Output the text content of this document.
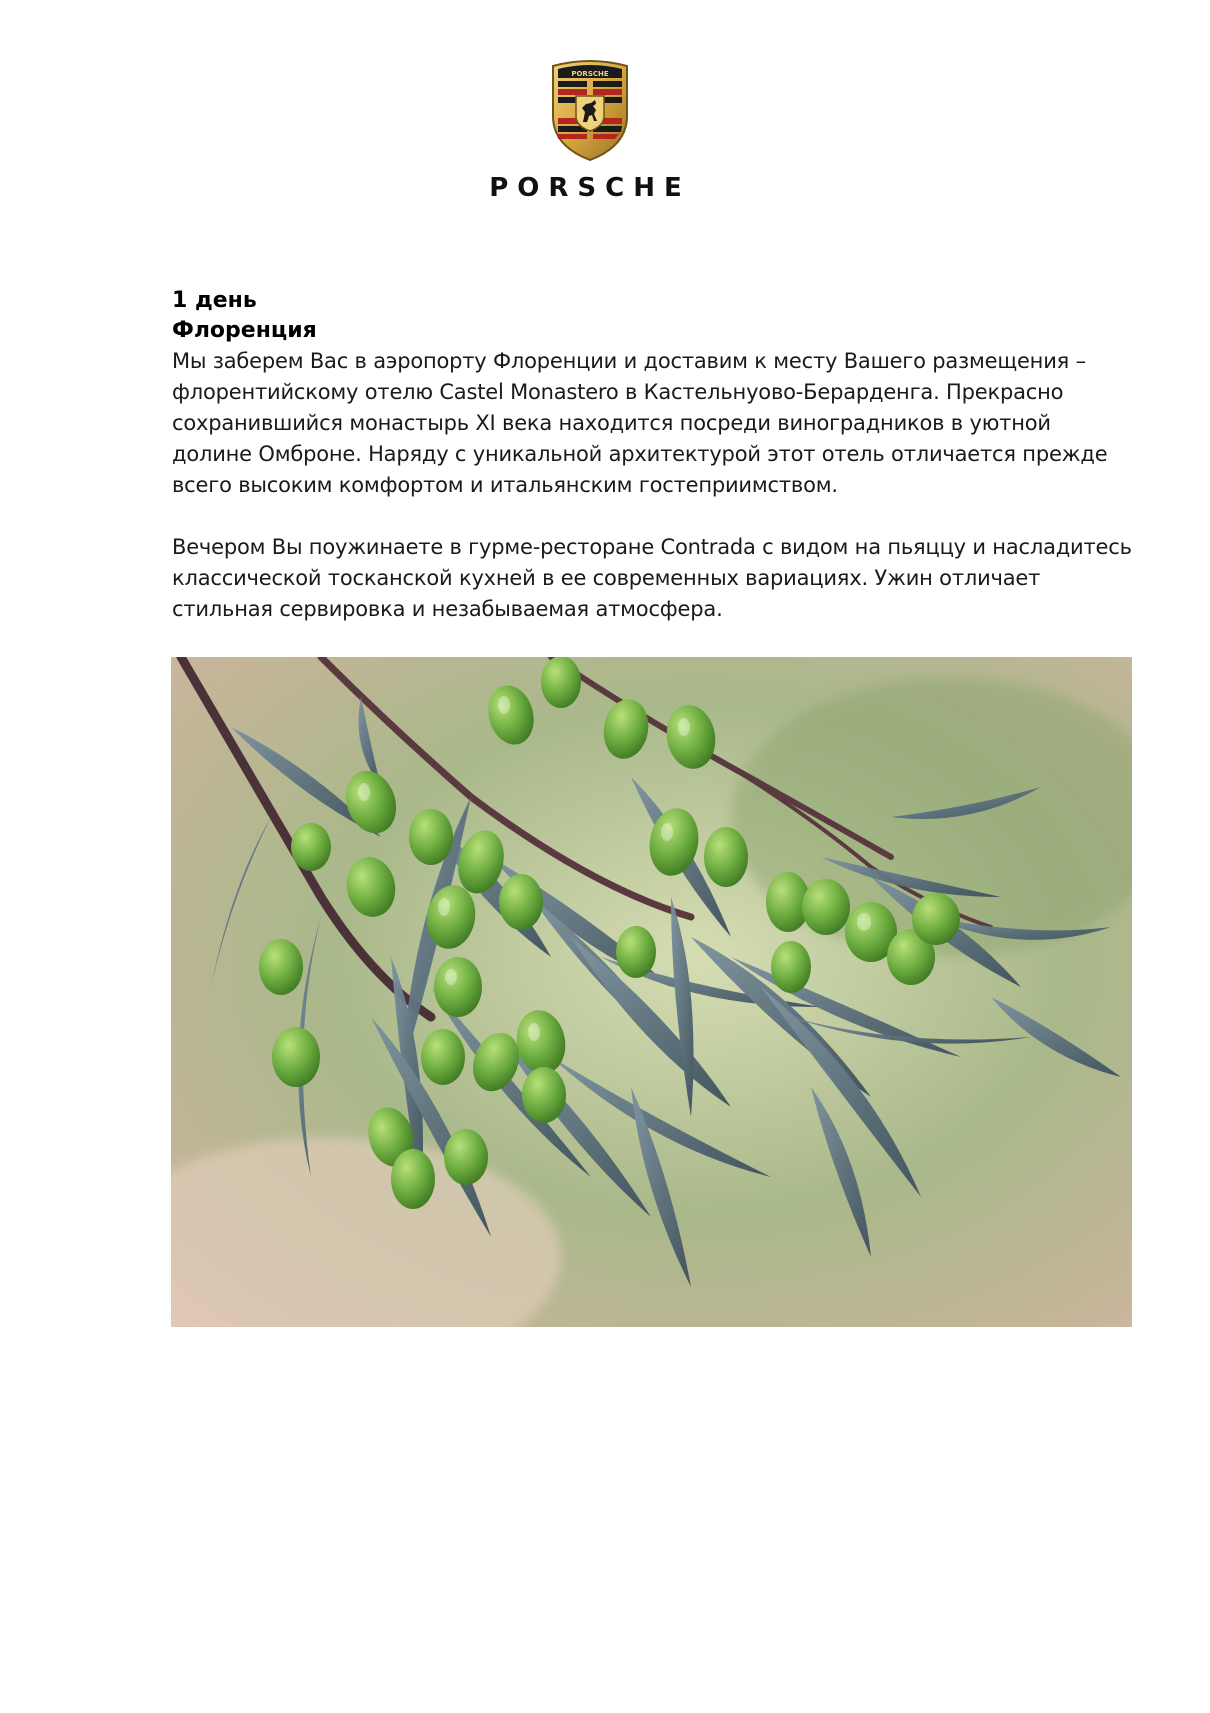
PORSCHE
PORSCHE

1 день

Флоренция

Мы заберем Вас в аэропорту Флоренции и доставим к месту Вашего размещения – флорентийскому отелю Castel Monastero в Кастельнуово-Берарденга. Прекрасно сохранившийся монастырь XI века находится посреди виноградников в уютной долине Омброне. Наряду с уникальной архитектурой этот отель отличается прежде всего высоким комфортом и итальянским гостеприимством.

Вечером Вы поужинаете в гурме-ресторане Contrada с видом на пьяццу и насладитесь классической тосканской кухней в ее современных вариациях. Ужин отличает стильная сервировка и незабываемая атмосфера.
